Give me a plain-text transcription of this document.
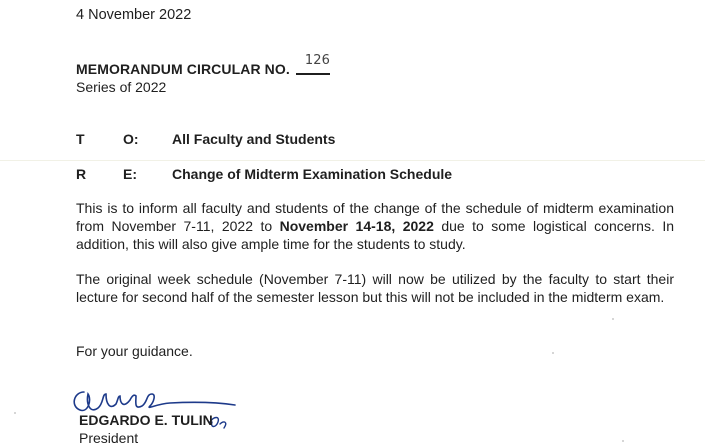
4 November 2022
MEMORANDUM CIRCULAR NO.
126

Series of 2022
T	O: All Faculty and Students
R	E:	Change of Midterm Examination Schedule
This is to inform all faculty and students of the change of the schedule of midterm examination from November 7-11, 2022 to November 14-18, 2022 due to some logistical concerns. In addition, this will also give ample time for the students to study.
The original week schedule (November 7-11) will now be utilized by the faculty to start their lecture for second half of the semester lesson but this will not be included in the midterm exam.
For your guidance.
EDGARDO E. TULIN
President
